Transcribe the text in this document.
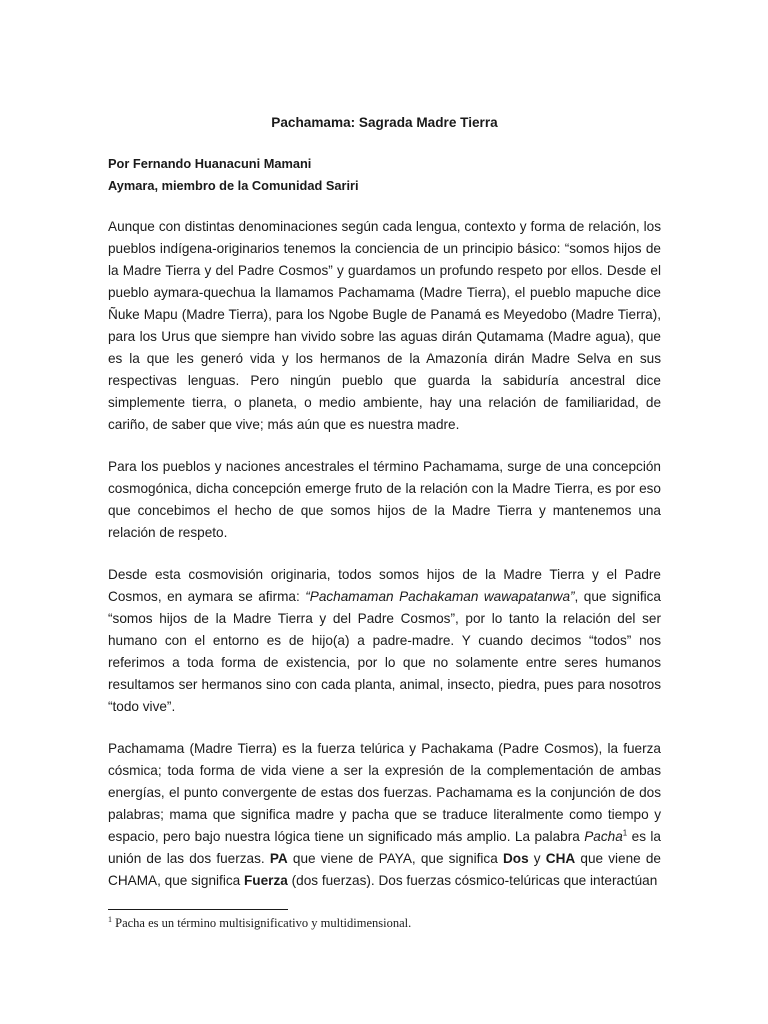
Pachamama: Sagrada Madre Tierra

Por Fernando Huanacuni Mamani

Aymara, miembro de la Comunidad Sariri

Aunque con distintas denominaciones según cada lengua, contexto y forma de relación, los pueblos indígena-originarios tenemos la conciencia de un principio básico: “somos hijos de la Madre Tierra y del Padre Cosmos” y guardamos un profundo respeto por ellos. Desde el pueblo aymara-quechua la llamamos Pachamama (Madre Tierra), el pueblo mapuche dice Ñuke Mapu (Madre Tierra), para los Ngobe Bugle de Panamá es Meyedobo (Madre Tierra), para los Urus que siempre han vivido sobre las aguas dirán Qutamama (Madre agua), que es la que les generó vida y los hermanos de la Amazonía dirán Madre Selva en sus respectivas lenguas. Pero ningún pueblo que guarda la sabiduría ancestral dice simplemente tierra, o planeta, o medio ambiente, hay una relación de familiaridad, de cariño, de saber que vive; más aún que es nuestra madre.

Para los pueblos y naciones ancestrales el término Pachamama, surge de una concepción cosmogónica, dicha concepción emerge fruto de la relación con la Madre Tierra, es por eso que concebimos el hecho de que somos hijos de la Madre Tierra y mantenemos una relación de respeto.

Desde esta cosmovisión originaria, todos somos hijos de la Madre Tierra y el Padre Cosmos, en aymara se afirma: “Pachamaman Pachakaman wawapatanwa”, que significa “somos hijos de la Madre Tierra y del Padre Cosmos”, por lo tanto la relación del ser humano con el entorno es de hijo(a) a padre-madre. Y cuando decimos “todos” nos referimos a toda forma de existencia, por lo que no solamente entre seres humanos resultamos ser hermanos sino con cada planta, animal, insecto, piedra, pues para nosotros “todo vive”.

Pachamama (Madre Tierra) es la fuerza telúrica y Pachakama (Padre Cosmos), la fuerza cósmica; toda forma de vida viene a ser la expresión de la complementación de ambas energías, el punto convergente de estas dos fuerzas. Pachamama es la conjunción de dos palabras; mama que significa madre y pacha que se traduce literalmente como tiempo y espacio, pero bajo nuestra lógica tiene un significado más amplio. La palabra Pacha$^1$ es la unión de las dos fuerzas. PA que viene de PAYA, que significa Dos y CHA que viene de CHAMA, que significa Fuerza (dos fuerzas). Dos fuerzas cósmico-telúricas que interactúan

$^1$ Pacha es un término multisignificativo y multidimensional.
